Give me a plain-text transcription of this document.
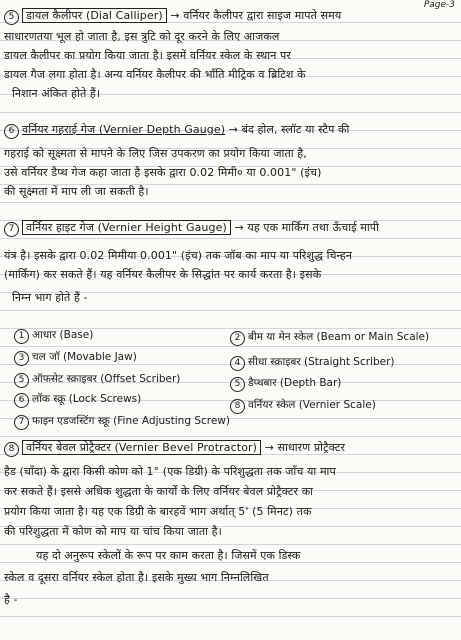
Page-3
5 डायल कैलीपर (Dial Calliper) → वर्नियर कैलीपर द्वारा साइज मापते समय
साधारणतया भूल हो जाता है, इस त्रुटि को दूर करने के लिए आजकल
डायल कैलीपर का प्रयोग किया जाता है। इसमें वर्नियर स्केल के स्थान पर
डायल गैज लगा होता है। अन्य वर्नियर कैलीपर की भाँति मीट्रिक व ब्रिटिश के
निशान अंकित होते हैं।
6 वर्नियर गहराई गेज (Vernier Depth Gauge) → बंद होल, स्लॉट या स्टैप की
गहराई को सूक्ष्मता से मापने के लिए जिस उपकरण का प्रयोग किया जाता है,
उसे वर्नियर डैप्थ गेज कहा जाता है इसके द्वारा 0.02 मिमी० या 0.001" (इंच)
की सूक्ष्मता में माप ली जा सकती है।
7 वर्नियर हाइट गेज (Vernier Height Gauge) → यह एक मार्किंग तथा ऊँचाई मापी
यंत्र है। इसके द्वारा 0.02 मिमीया 0.001" (इंच) तक जॉब का माप या परिशुद्ध चिन्हन
(मार्किंग) कर सकते हैं। यह वर्नियर कैलीपर के सिद्धांत पर कार्य करता है। इसके
निम्न भाग होते हैं -
1 आधार (Base)
3 चल जॉ (Movable Jaw)
5 ऑफसेट स्क्राइबर (Offset Scriber)
6 लॉक स्क्रू (Lock Screws)
7 फाइन एडजस्टिंग स्क्रू (Fine Adjusting Screw)
2 बीम या मेन स्केल (Beam or Main Scale)
4 सीधा स्क्राइबर (Straight Scriber)
5 डैप्थबार (Depth Bar)
8 वर्नियर स्केल (Vernier Scale)
8 वर्नियर बेवल प्रोट्रैक्टर (Vernier Bevel Protractor) → साधारण प्रोट्रैक्टर
हैड (चाँदा) के द्वारा किसी कोण को 1° (एक डिग्री) के परिशुद्धता तक जाँच या माप
कर सकते हैं। इससे अधिक शुद्धता के कार्यों के लिए वर्नियर बेवल प्रोट्रैक्टर का
प्रयोग किया जाता है। यह एक डिग्री के बारहवें भाग अर्थात् 5' (5 मिनट) तक
की परिशुद्धता में कोण को माप या चांच किया जाता है।
यह दो अनुरूप स्केलों के रूप पर काम करता है। जिसमें एक डिस्क
स्केल व दूसरा वर्नियर स्केल होता है। इसके मुख्य भाग निम्नलिखित
है -
